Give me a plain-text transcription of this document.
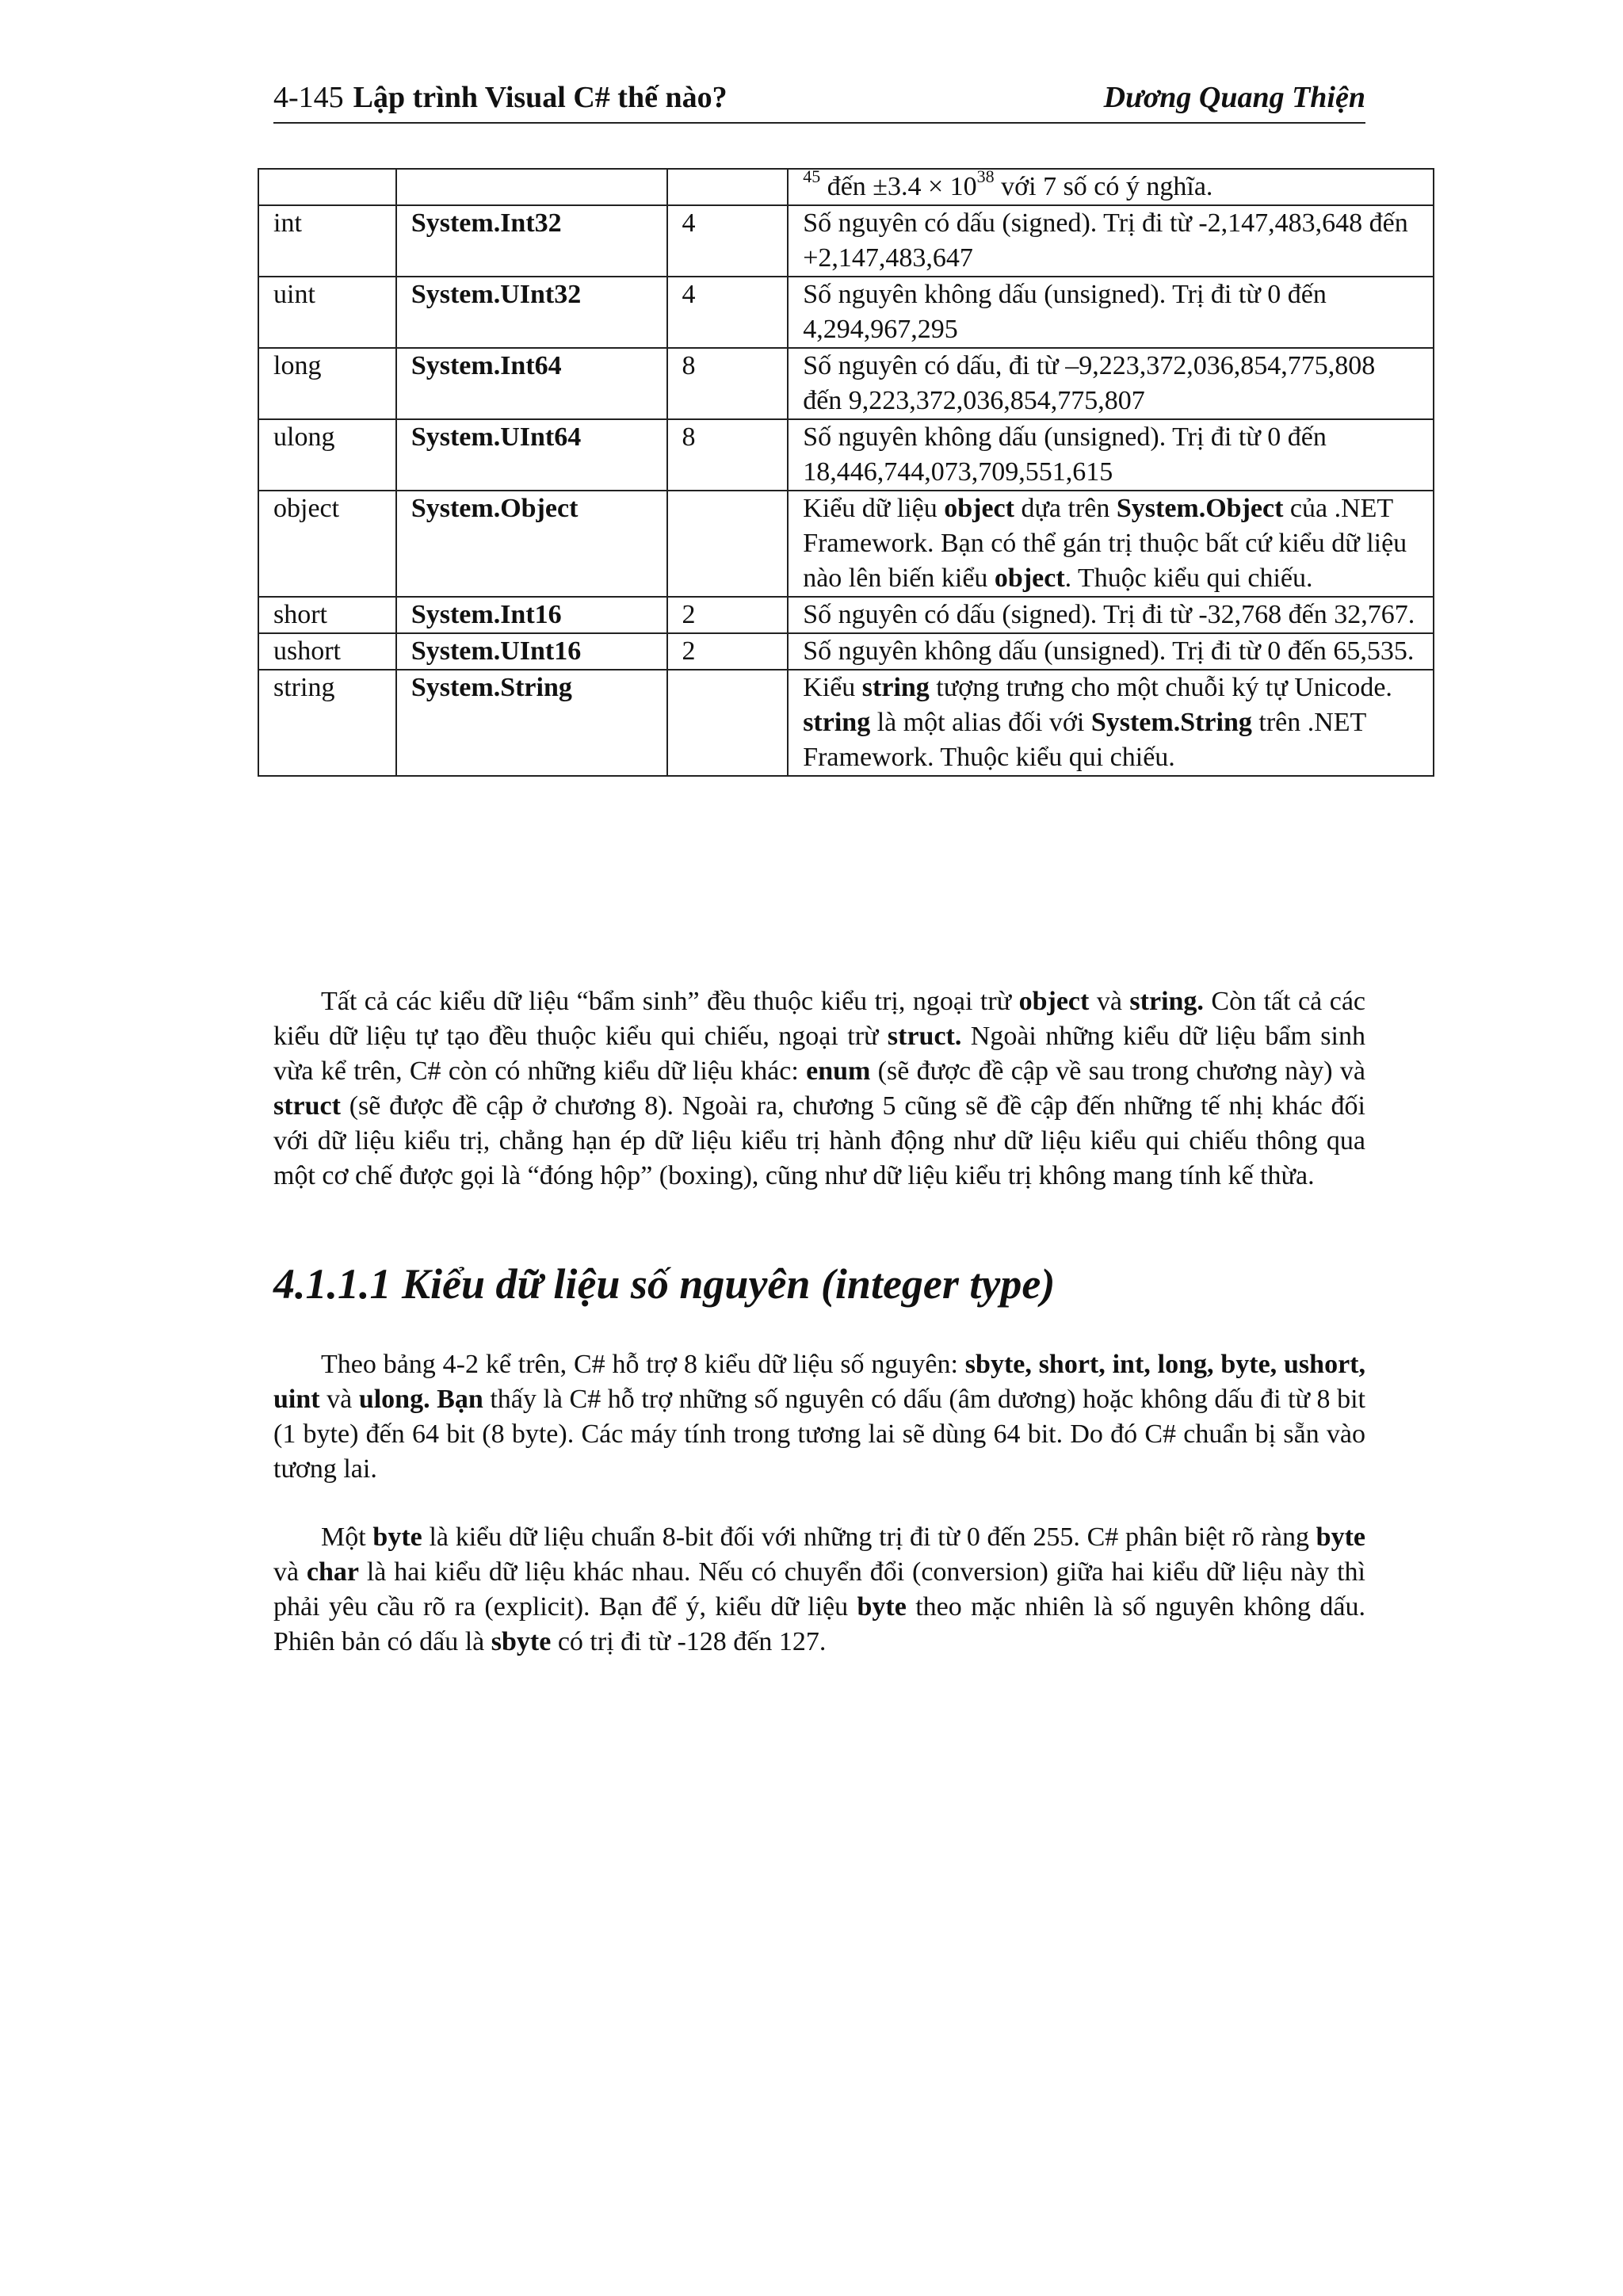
4-145 Lập trình Visual C# thế nào?	Dương Quang Thiện
			$^{45}$ đến $\pm 3.4 \times 10^{38}$ với 7 số có ý nghĩa.
int	System.Int32	4	Số nguyên có dấu (signed). Trị đi từ -2,147,483,648 đến +2,147,483,647
uint	System.UInt32	4	Số nguyên không dấu (unsigned). Trị đi từ 0 đến 4,294,967,295
long	System.Int64	8	Số nguyên có dấu, đi từ –9,223,372,036,854,775,808 đến 9,223,372,036,854,775,807
ulong	System.UInt64	8	Số nguyên không dấu (unsigned). Trị đi từ 0 đến 18,446,744,073,709,551,615
object	System.Object		Kiểu dữ liệu object dựa trên System.Object của .NET Framework. Bạn có thể gán trị thuộc bất cứ kiểu dữ liệu nào lên biến kiểu object. Thuộc kiểu qui chiếu.
short	System.Int16	2	Số nguyên có dấu (signed). Trị đi từ -32,768 đến 32,767.
ushort	System.UInt16	2	Số nguyên không dấu (unsigned). Trị đi từ 0 đến 65,535.
string	System.String		Kiểu string tượng trưng cho một chuỗi ký tự Unicode. string là một alias đối với System.String trên .NET Framework. Thuộc kiểu qui chiếu.

Tất cả các kiểu dữ liệu “bẩm sinh” đều thuộc kiểu trị, ngoại trừ object và string. Còn tất cả các kiểu dữ liệu tự tạo đều thuộc kiểu qui chiếu, ngoại trừ struct. Ngoài những kiểu dữ liệu bẩm sinh vừa kể trên, C# còn có những kiểu dữ liệu khác: enum (sẽ được đề cập về sau trong chương này) và struct (sẽ được đề cập ở chương 8). Ngoài ra, chương 5 cũng sẽ đề cập đến những tế nhị khác đối với dữ liệu kiểu trị, chẳng hạn ép dữ liệu kiểu trị hành động như dữ liệu kiểu qui chiếu thông qua một cơ chế được gọi là “đóng hộp” (boxing), cũng như dữ liệu kiểu trị không mang tính kế thừa.

4.1.1.1 Kiểu dữ liệu số nguyên (integer type)

Theo bảng 4-2 kể trên, C# hỗ trợ 8 kiểu dữ liệu số nguyên: sbyte, short, int, long, byte, ushort, uint và ulong. Bạn thấy là C# hỗ trợ những số nguyên có dấu (âm dương) hoặc không dấu đi từ 8 bit (1 byte) đến 64 bit (8 byte). Các máy tính trong tương lai sẽ dùng 64 bit. Do đó C# chuẩn bị sẵn vào tương lai.

Một byte là kiểu dữ liệu chuẩn 8-bit đối với những trị đi từ 0 đến 255. C# phân biệt rõ ràng byte và char là hai kiểu dữ liệu khác nhau. Nếu có chuyển đổi (conversion) giữa hai kiểu dữ liệu này thì phải yêu cầu rõ ra (explicit). Bạn để ý, kiểu dữ liệu byte theo mặc nhiên là số nguyên không dấu. Phiên bản có dấu là sbyte có trị đi từ -128 đến 127.
